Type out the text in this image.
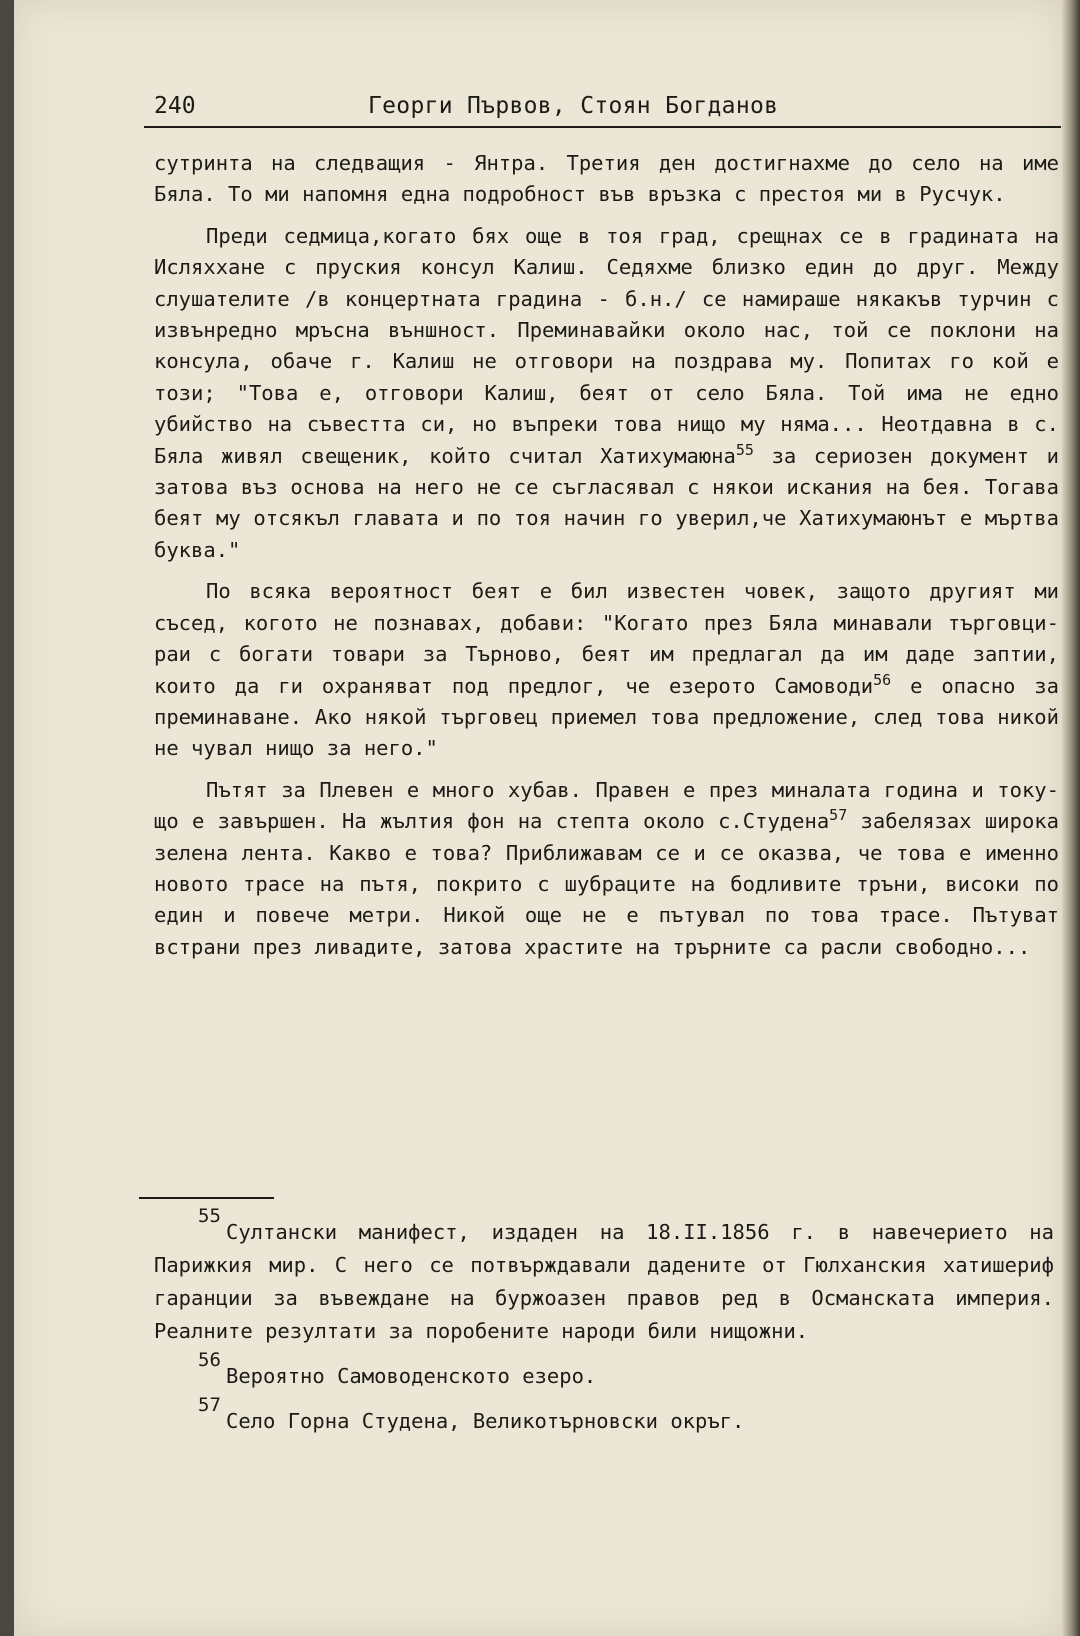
240	Георги Първов, Стоян Богданов

сутринта на следващия - Янтра. Третия ден достигнахме до село на име Бяла. То ми напомня една подробност във връзка с престоя ми в Русчук.

Преди седмица,когато бях още в тоя град, срещнах се в градината на Исляххане с пруския консул Калиш. Седяхме близко един до друг. Между слушателите /в концертната градина - б.н./ се намираше някакъв турчин с извънредно мръсна външност. Преминавайки около нас, той се поклони на консула, обаче г. Калиш не отговори на поздрава му. Попитах го кой е този; "Това е, отговори Калиш, беят от село Бяла. Той има не едно убийство на съвестта си, но въпреки това нищо му няма... Неотдавна в с. Бяла живял свещеник, който считал Хатихумаюна$^{55}$ за сериозен документ и затова въз основа на него не се съгласявал с някои искания на бея. Тогава беят му отсякъл главата и по тоя начин го уверил,че Хатихумаюнът е мъртва буква."

По всяка вероятност беят е бил известен човек, защото другият ми съсед, когото не познавах, добави: "Когато през Бяла минавали търговци-раи с богати товари за Търново, беят им предлагал да им даде заптии, които да ги охраняват под предлог, че езерото Самоводи$^{56}$ е опасно за преминаване. Ако някой търговец приемел това предложение, след това никой не чувал нищо за него."

Пътят за Плевен е много хубав. Правен е през миналата година и току-що е завършен. На жълтия фон на степта около с.Студена$^{57}$ забелязах широка зелена лента. Какво е това? Приближавам се и се оказва, че това е именно новото трасе на пътя, покрито с шубраците на бодливите тръни, високи по един и повече метри. Никой още не е пътувал по това трасе. Пътуват встрани през ливадите, затова храстите на трърните са расли свободно...

55

Султански манифест, издаден на 18.II.1856 г. в навечерието на Парижкия мир. С него се потвърждавали дадените от Гюлханския хатишериф гаранции за въвеждане на буржоазен правов ред в Османската империя. Реалните резултати за поробените народи били нищожни.

56

Вероятно Самоводенското езеро.

57

Село Горна Студена, Великотърновски окръг.
